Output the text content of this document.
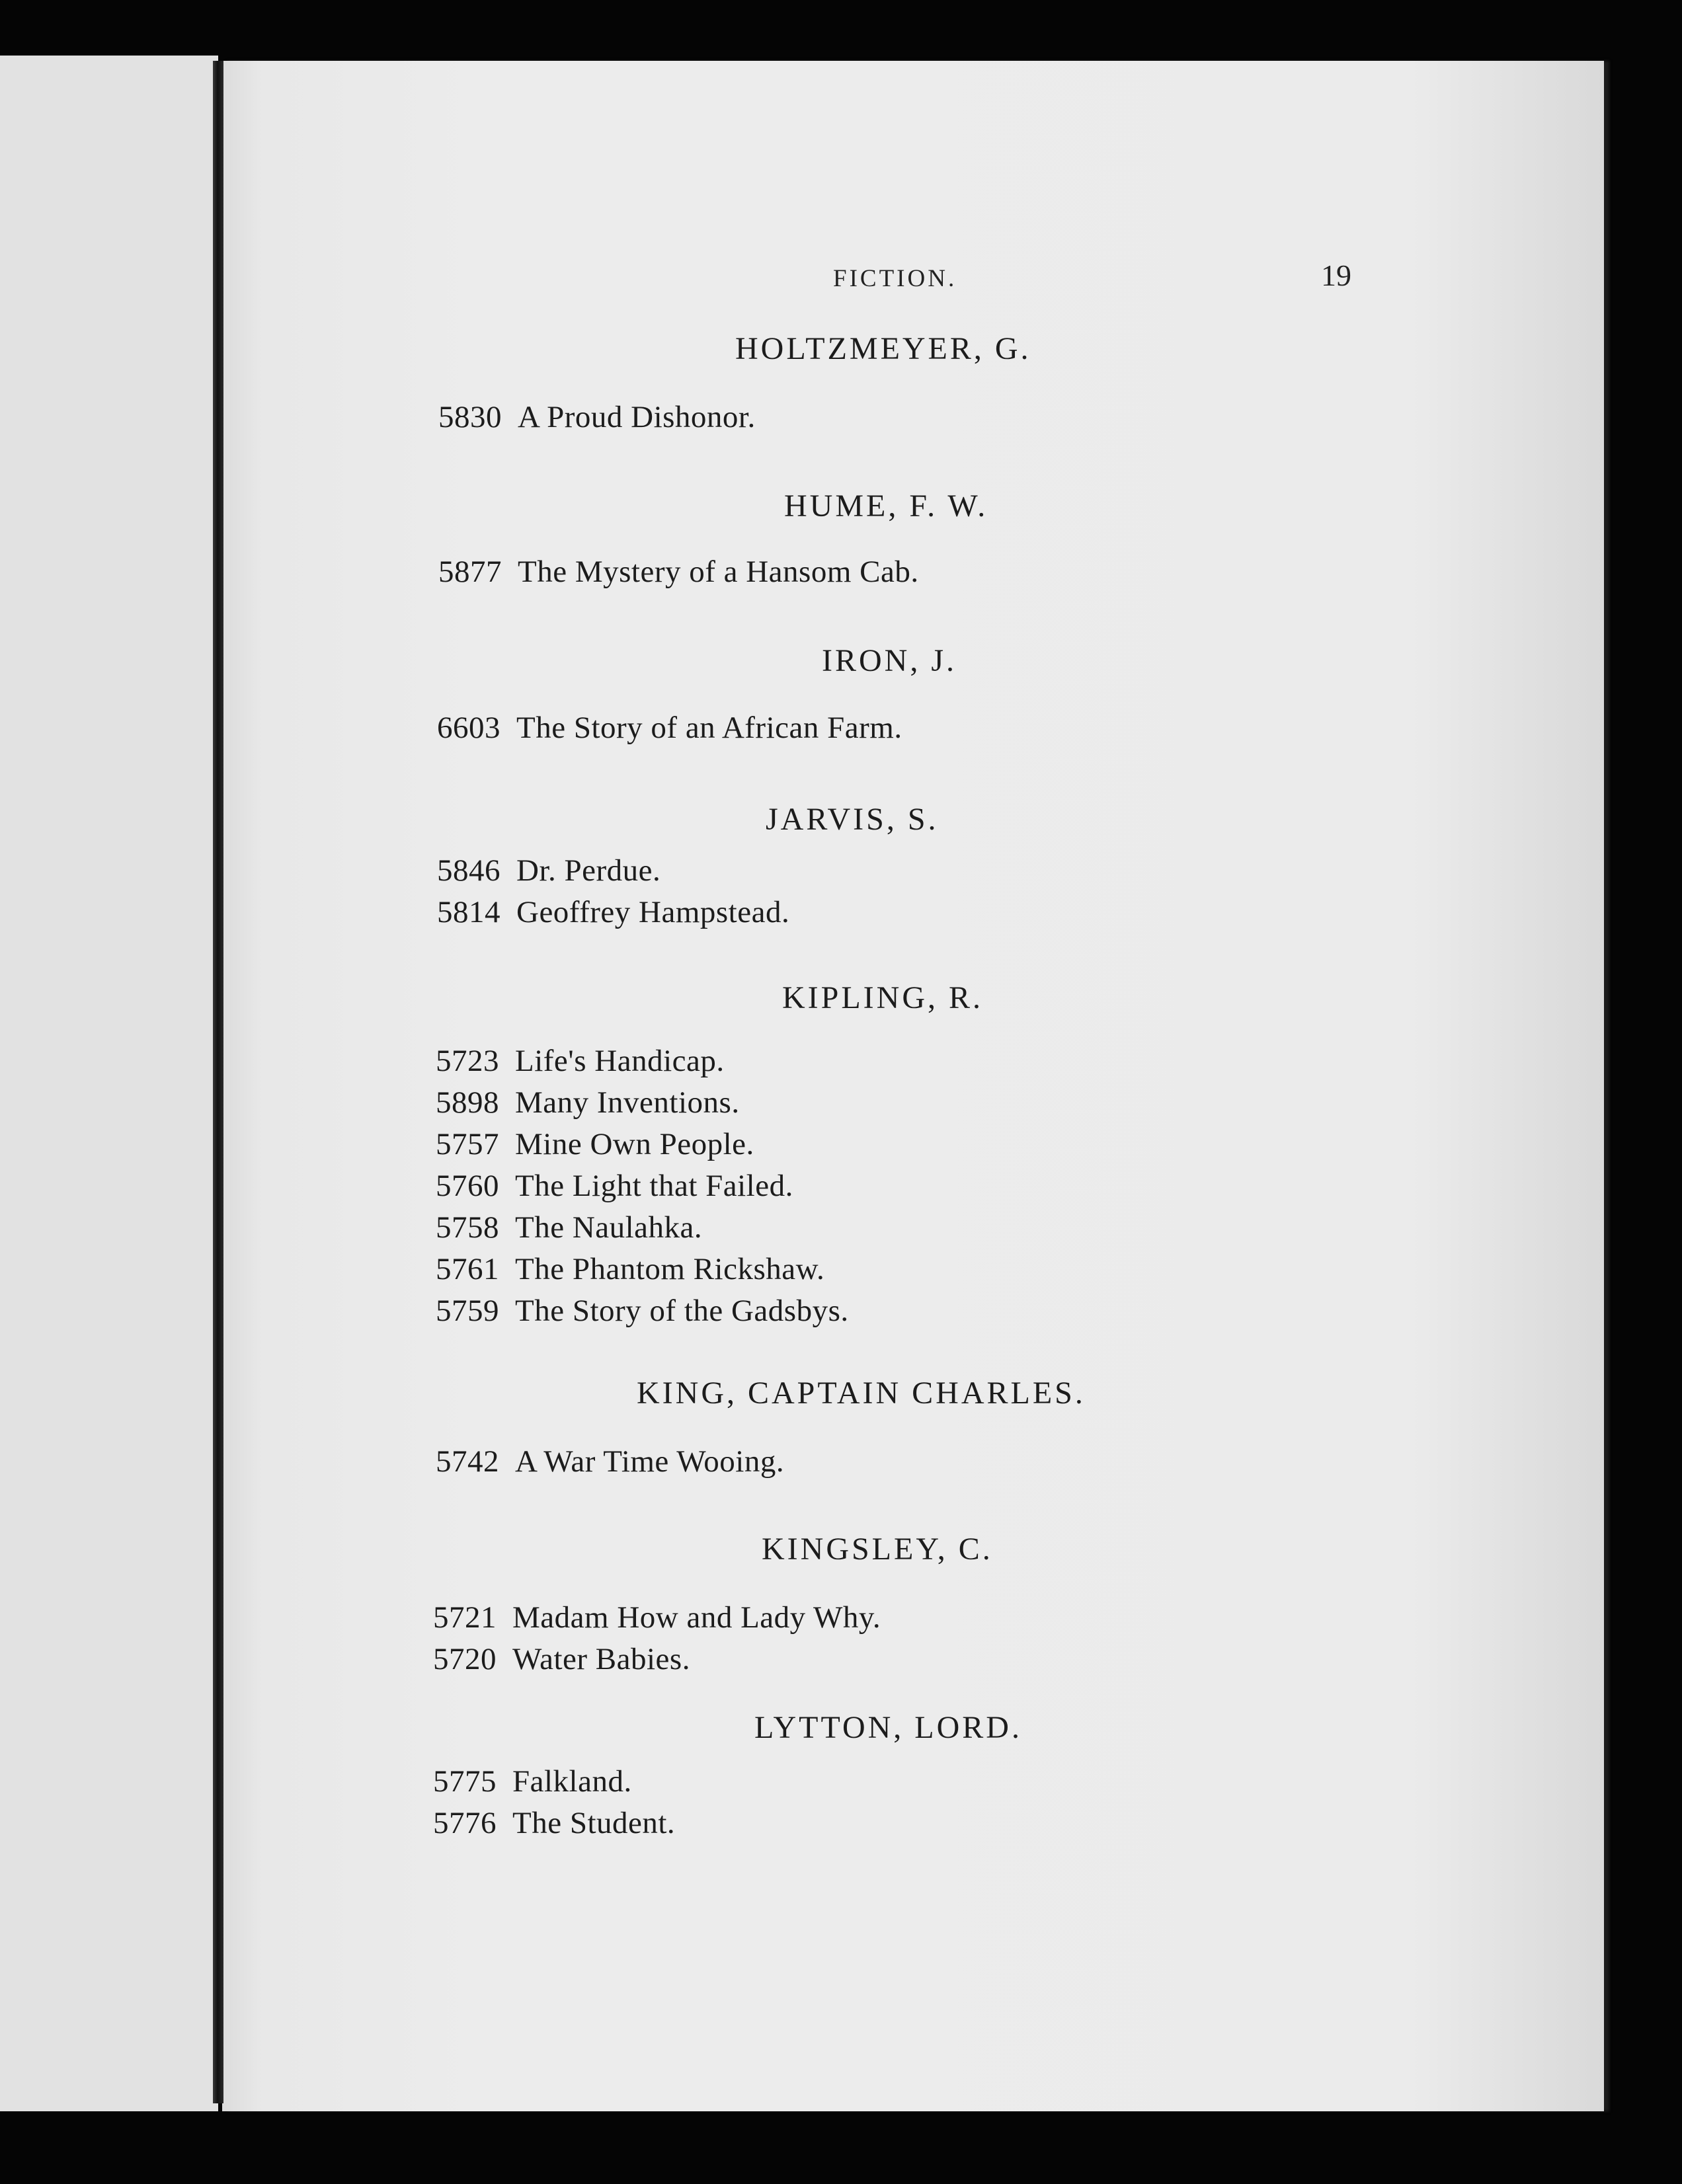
FICTION.	19
HOLTZMEYER, G.
5830 A Proud Dishonor.
HUME, F. W.
5877 The Mystery of a Hansom Cab.
IRON, J.
6603 The Story of an African Farm.
JARVIS, S.
5846 Dr. Perdue.
5814 Geoffrey Hampstead.
KIPLING, R.
5723 Life's Handicap.
5898 Many Inventions.
5757 Mine Own People.
5760 The Light that Failed.
5758 The Naulahka.
5761 The Phantom Rickshaw.
5759 The Story of the Gadsbys.
KING, CAPTAIN CHARLES.
5742 A War Time Wooing.
KINGSLEY, C.
5721 Madam How and Lady Why.
5720 Water Babies.
LYTTON, LORD.
5775 Falkland.
5776 The Student.
